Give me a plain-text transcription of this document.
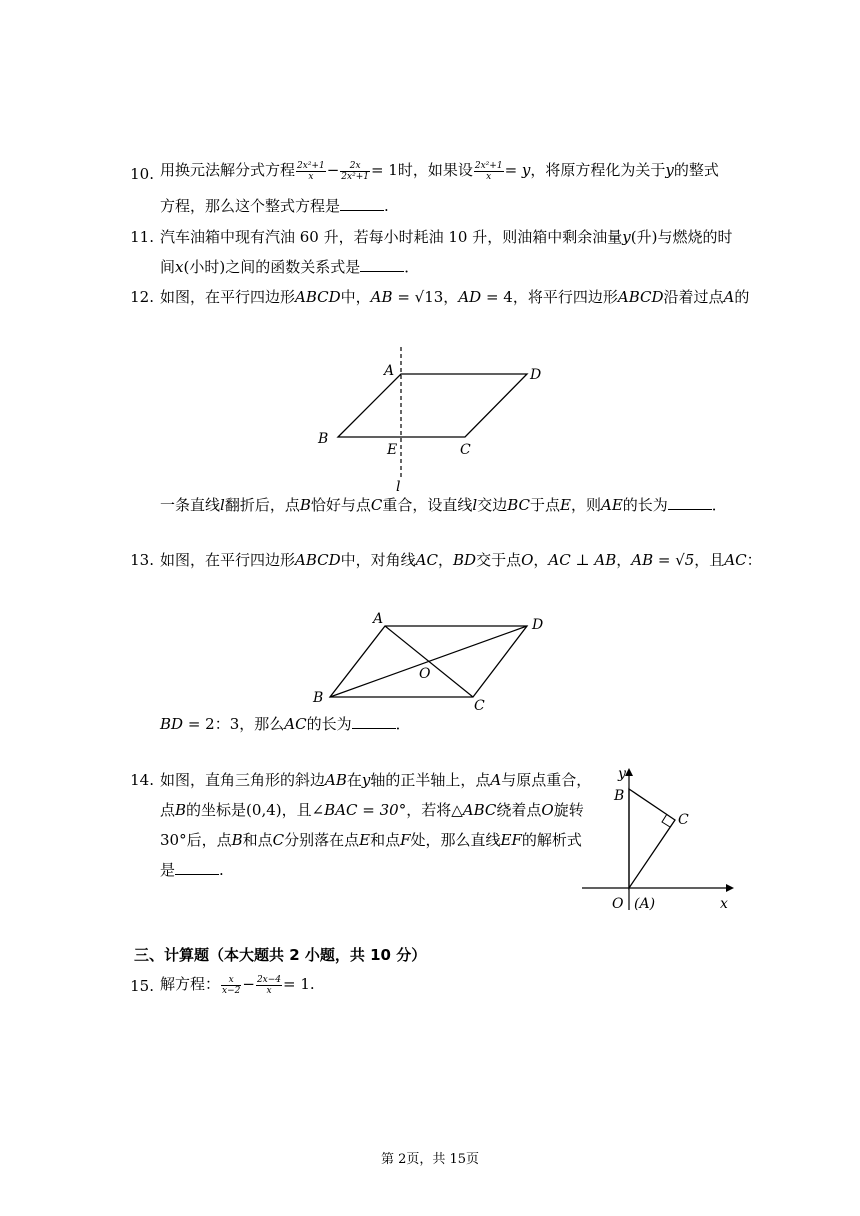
10. 用换元法解分式方程 $\frac{\text{2x²+1}}{x} - \frac{2x}{\text{2x²+1}} = 1$时，如果设 $\frac{\text{2x²+1}}{x} = y$，将原方程化为关于y的整式
方程，那么这个整式方程是	.
11. 汽车油箱中现有汽油 60 升，若每小时耗油 10 升，则油箱中剩余油量y(升)与燃烧的时
间x(小时)之间的函数关系式是	．
12. 如图，在平行四边形ABCD中，AB = √13，AD = 4，将平行四边形ABCD沿着过点A的
一条直线l翻折后，点B恰好与点C重合，设直线l交边BC于点E，则AE的长为	．
A	D
B
C
E
l
13. 如图，在平行四边形ABCD中，对角线AC，BD交于点O，AC ⊥ AB，AB = √5，且AC：
BD = 2：3，那么AC的长为	．
A	D
B	C
O
14. 如图，直角三角形的斜边AB在y轴的正半轴上，点A与原点重合，
点B的坐标是(0,4)，且∠BAC = 30°，若将△ABC绕着点O旋转
30°后，点B和点C分别落在点E和点F处，那么直线EF的解析式
是	.
y
B
C
O (A)	x
三、计算题（本大题共 2 小题，共 10 分）
15. 解方程： $\frac{x}{x-2} - \frac{2x-4}{x} = 1$.
第 2页，共 15页
